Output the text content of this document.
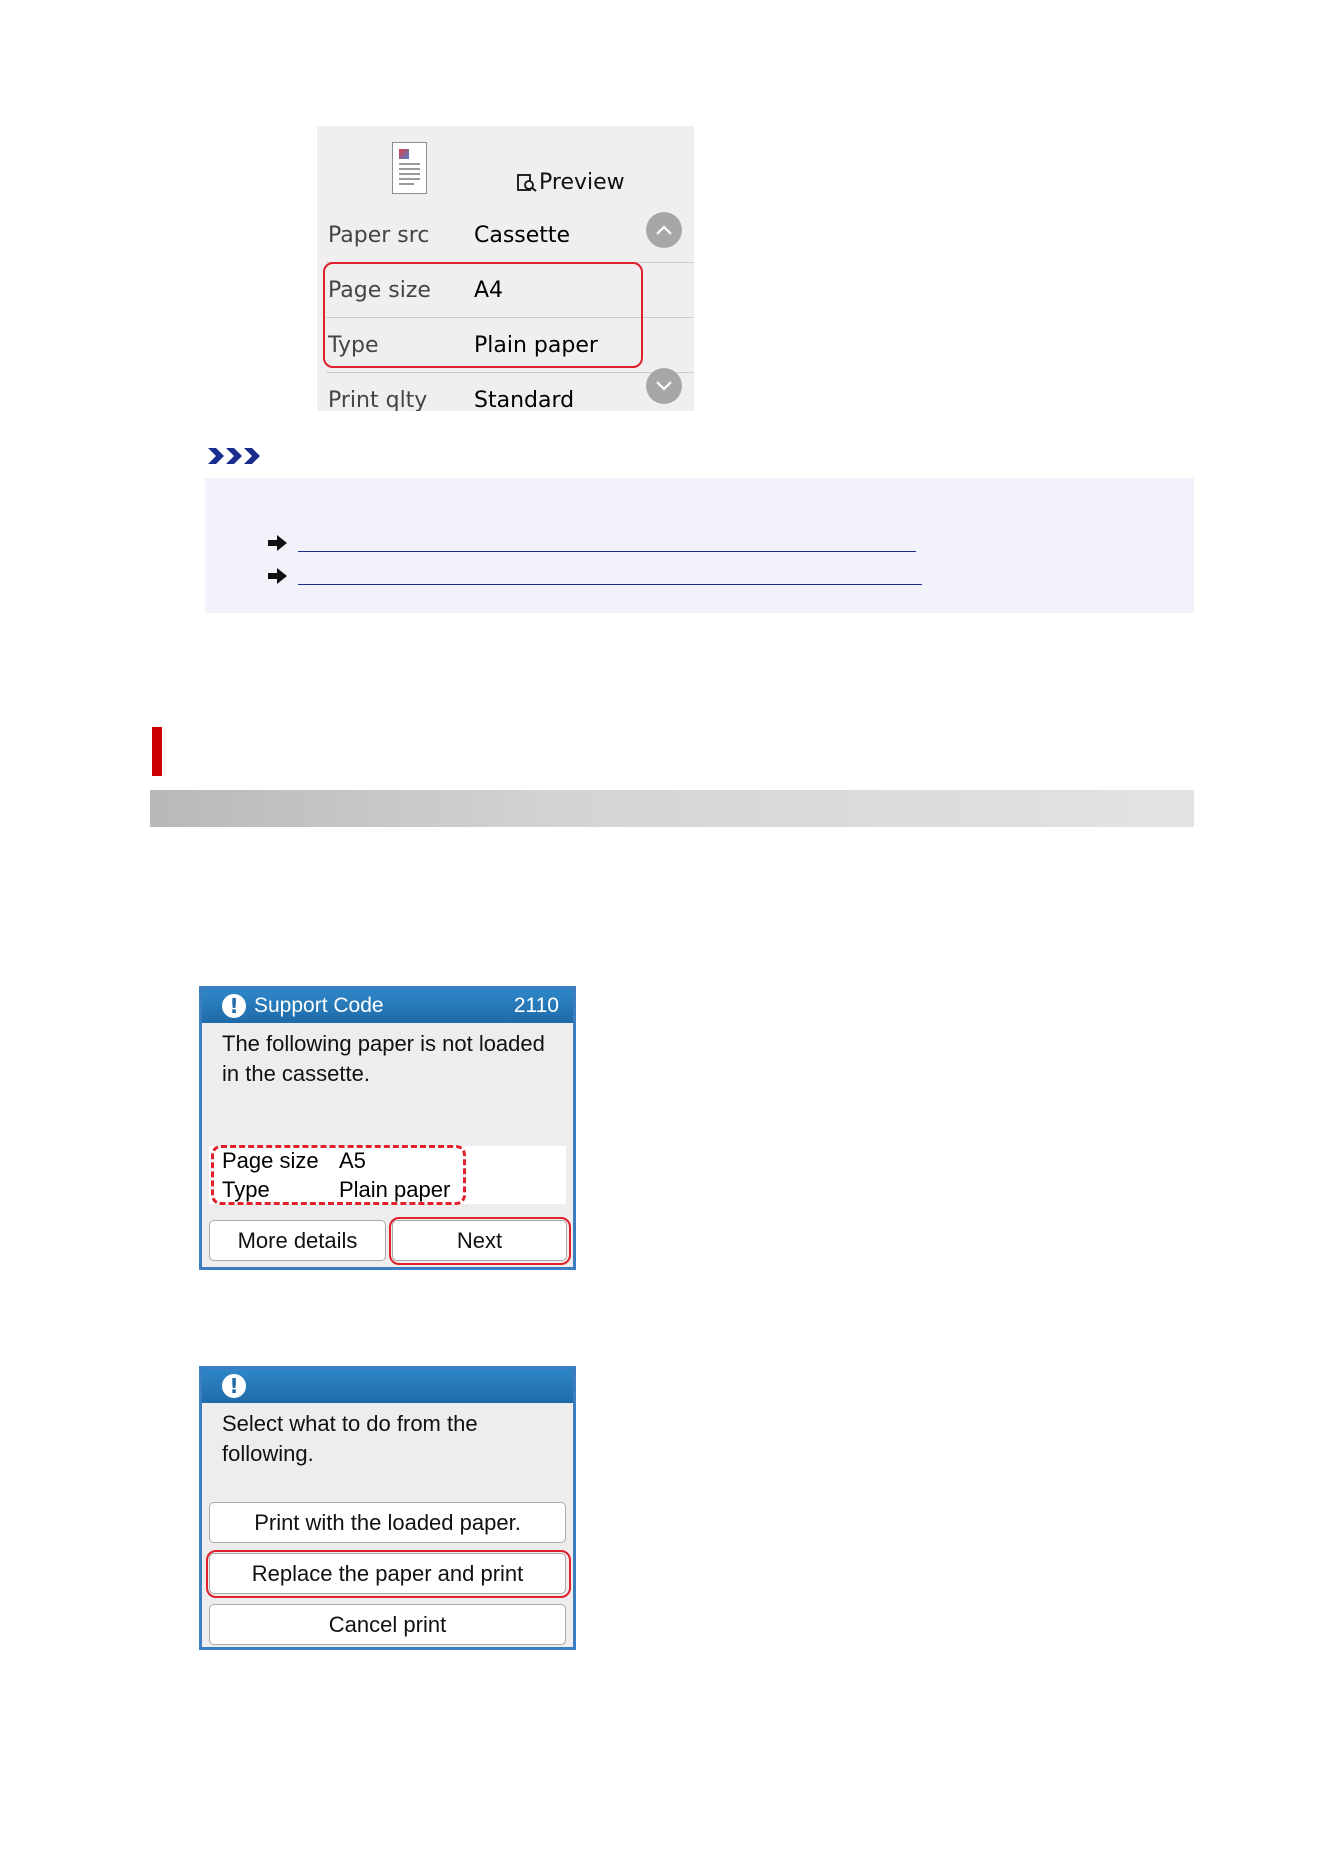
Preview
Paper src Cassette
Page size A4
Type	Plain paper
Print qlty Standard
! Support Code	2110
The following paper is not loaded
in the cassette.
Page size A5
Type	Plain paper
More details	Next
!
Select what to do from the
following.
Print with the loaded paper.
Replace the paper and print
Cancel print
